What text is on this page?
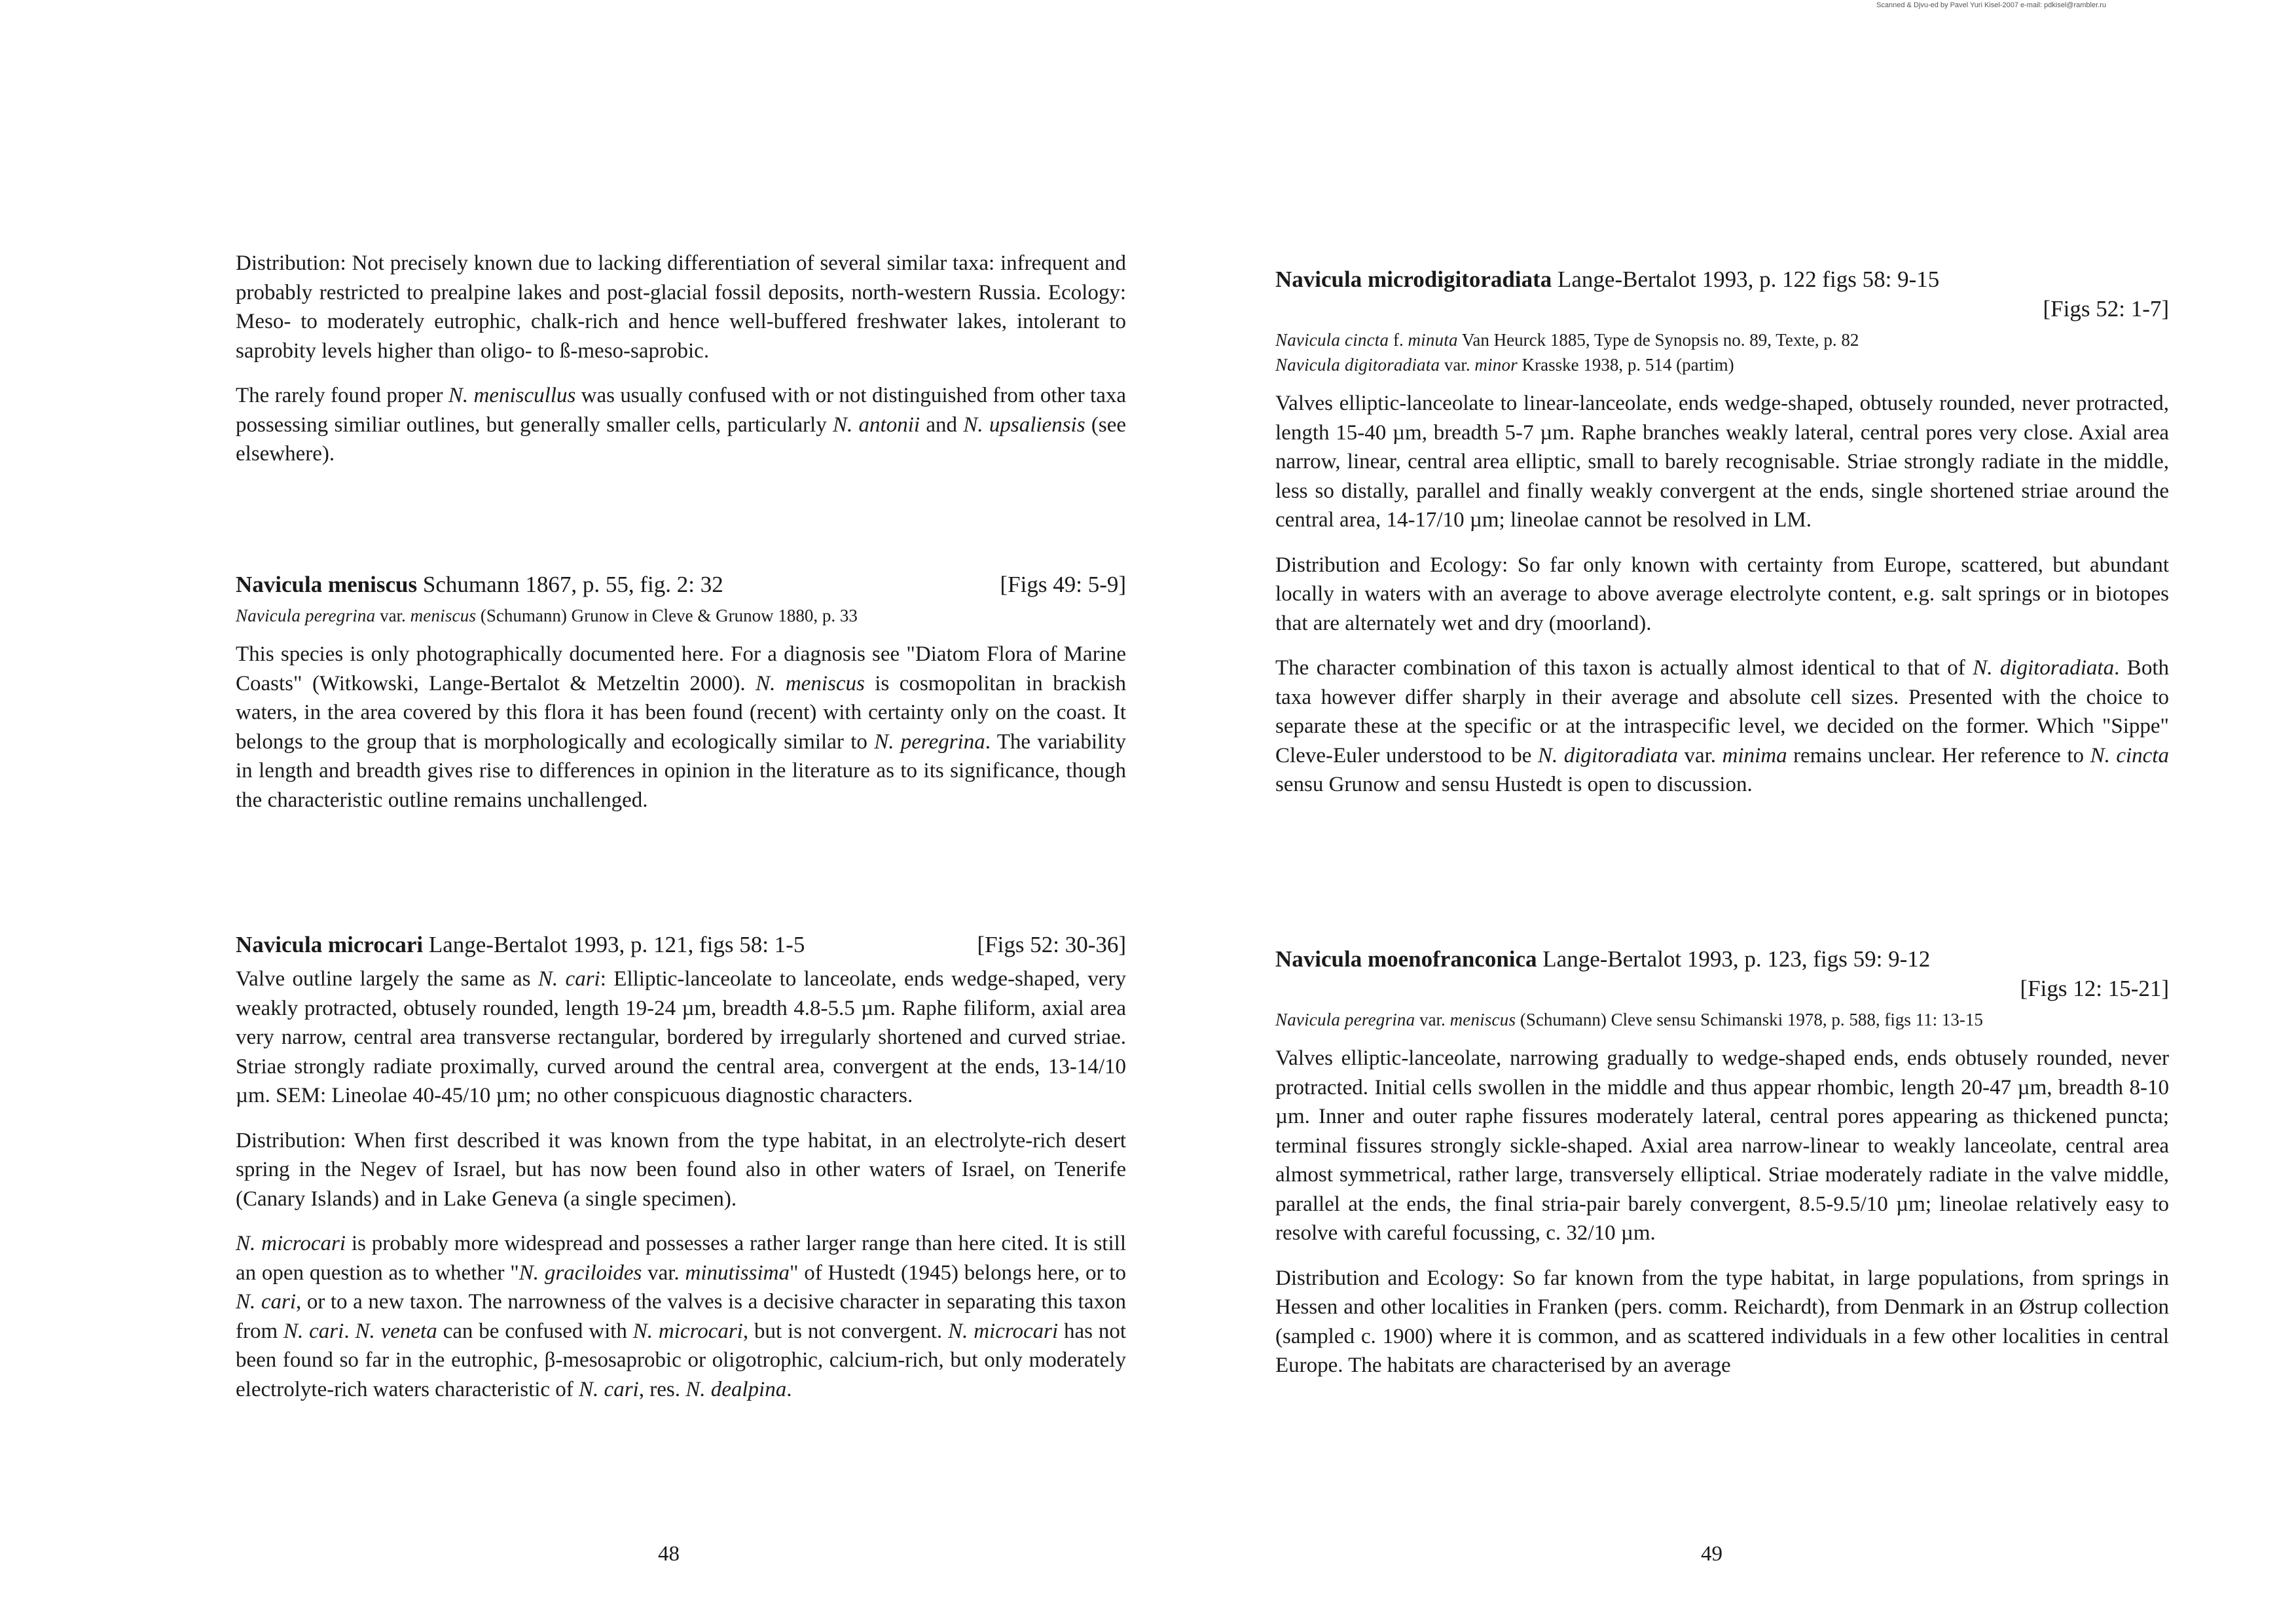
Scanned & Djvu-ed by Pavel Yuri Kisel-2007 e-mail: pdkisel@rambler.ru

Distribution: Not precisely known due to lacking differentiation of several similar taxa: infrequent and probably restricted to prealpine lakes and post-glacial fossil deposits, north-western Russia. Ecology: Meso- to moderately eutrophic, chalk-rich and hence well-buffered freshwater lakes, intolerant to saprobity levels higher than oligo- to ß-meso-saprobic.

The rarely found proper N. meniscullus was usually confused with or not distinguished from other taxa possessing similiar outlines, but generally smaller cells, particularly N. antonii and N. upsaliensis (see elsewhere).

Navicula meniscus Schumann 1867, p. 55, fig. 2: 32	[Figs 49: 5-9]

Navicula peregrina var. meniscus (Schumann) Grunow in Cleve & Grunow 1880, p. 33

This species is only photographically documented here. For a diagnosis see "Diatom Flora of Marine Coasts" (Witkowski, Lange-Bertalot & Metzeltin 2000). N. meniscus is cosmopolitan in brackish waters, in the area covered by this flora it has been found (recent) with certainty only on the coast. It belongs to the group that is morphologically and ecologically similar to N. peregrina. The variability in length and breadth gives rise to differences in opinion in the literature as to its significance, though the characteristic outline remains unchallenged.

Navicula microcari Lange-Bertalot 1993, p. 121, figs 58: 1-5	[Figs 52: 30-36]

Valve outline largely the same as N. cari: Elliptic-lanceolate to lanceolate, ends wedge-shaped, very weakly protracted, obtusely rounded, length 19-24 µm, breadth 4.8-5.5 µm. Raphe filiform, axial area very narrow, central area transverse rectangular, bordered by irregularly shortened and curved striae. Striae strongly radiate proximally, curved around the central area, convergent at the ends, 13-14/10 µm. SEM: Lineolae 40-45/10 µm; no other conspicuous diagnostic characters.

Distribution: When first described it was known from the type habitat, in an electrolyte-rich desert spring in the Negev of Israel, but has now been found also in other waters of Israel, on Tenerife (Canary Islands) and in Lake Geneva (a single specimen).

N. microcari is probably more widespread and possesses a rather larger range than here cited. It is still an open question as to whether "N. graciloides var. minutissima" of Hustedt (1945) belongs here, or to N. cari, or to a new taxon. The narrowness of the valves is a decisive character in separating this taxon from N. cari. N. veneta can be confused with N. microcari, but is not convergent. N. microcari has not been found so far in the eutrophic, β-mesosaprobic or oligotrophic, calcium-rich, but only moderately electrolyte-rich waters characteristic of N. cari, res. N. dealpina.

48
Navicula microdigitoradiata Lange-Bertalot 1993, p. 122 figs 58: 9-15
[Figs 52: 1-7]

Navicula cincta f. minuta Van Heurck 1885, Type de Synopsis no. 89, Texte, p. 82

Navicula digitoradiata var. minor Krasske 1938, p. 514 (partim)

Valves elliptic-lanceolate to linear-lanceolate, ends wedge-shaped, obtusely rounded, never protracted, length 15-40 µm, breadth 5-7 µm. Raphe branches weakly lateral, central pores very close. Axial area narrow, linear, central area elliptic, small to barely recognisable. Striae strongly radiate in the middle, less so distally, parallel and finally weakly convergent at the ends, single shortened striae around the central area, 14-17/10 µm; lineolae cannot be resolved in LM.

Distribution and Ecology: So far only known with certainty from Europe, scattered, but abundant locally in waters with an average to above average electrolyte content, e.g. salt springs or in biotopes that are alternately wet and dry (moorland).

The character combination of this taxon is actually almost identical to that of N. digitoradiata. Both taxa however differ sharply in their average and absolute cell sizes. Presented with the choice to separate these at the specific or at the intraspecific level, we decided on the former. Which "Sippe" Cleve-Euler understood to be N. digitoradiata var. minima remains unclear. Her reference to N. cincta sensu Grunow and sensu Hustedt is open to discussion.

Navicula moenofranconica Lange-Bertalot 1993, p. 123, figs 59: 9-12
[Figs 12: 15-21]

Navicula peregrina var. meniscus (Schumann) Cleve sensu Schimanski 1978, p. 588, figs 11: 13-15

Valves elliptic-lanceolate, narrowing gradually to wedge-shaped ends, ends obtusely rounded, never protracted. Initial cells swollen in the middle and thus appear rhombic, length 20-47 µm, breadth 8-10 µm. Inner and outer raphe fissures moderately lateral, central pores appearing as thickened puncta; terminal fissures strongly sickle-shaped. Axial area narrow-linear to weakly lanceolate, central area almost symmetrical, rather large, transversely elliptical. Striae moderately radiate in the valve middle, parallel at the ends, the final stria-pair barely convergent, 8.5-9.5/10 µm; lineolae relatively easy to resolve with careful focussing, c. 32/10 µm.

Distribution and Ecology: So far known from the type habitat, in large populations, from springs in Hessen and other localities in Franken (pers. comm. Reichardt), from Denmark in an Østrup collection (sampled c. 1900) where it is common, and as scattered individuals in a few other localities in central Europe. The habitats are characterised by an average

49
